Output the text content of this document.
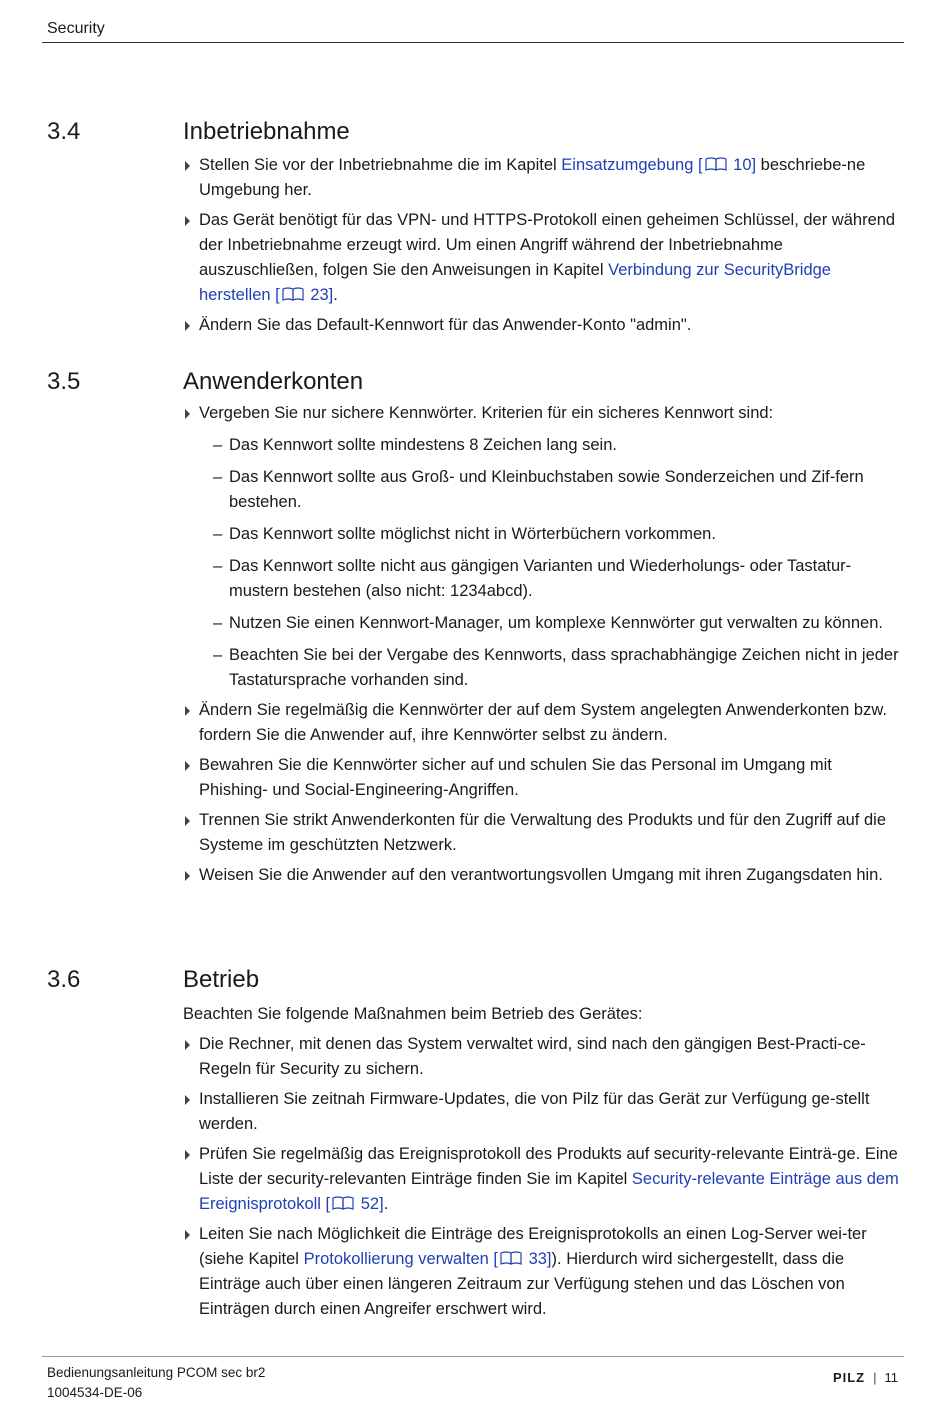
Security
3.4	Inbetriebnahme
Stellen Sie vor der Inbetriebnahme die im Kapitel Einsatzumgebung [
10] beschriebe-ne Umgebung her.
Das Gerät benötigt für das VPN- und HTTPS-Protokoll einen geheimen Schlüssel, der während der Inbetriebnahme erzeugt wird. Um einen Angriff während der Inbetriebnahme auszuschließen, folgen Sie den Anweisungen in Kapitel Verbindung zur SecurityBridge herstellen [
23].
Ändern Sie das Default-Kennwort für das Anwender-Konto "admin".
3.5	Anwenderkonten
Vergeben Sie nur sichere Kennwörter. Kriterien für ein sicheres Kennwort sind:
– Das Kennwort sollte mindestens 8 Zeichen lang sein.
– Das Kennwort sollte aus Groß- und Kleinbuchstaben sowie Sonderzeichen und Zif-fern bestehen.
– Das Kennwort sollte möglichst nicht in Wörterbüchern vorkommen.
– Das Kennwort sollte nicht aus gängigen Varianten und Wiederholungs- oder Tastatur-mustern bestehen (also nicht: 1234abcd).
– Nutzen Sie einen Kennwort-Manager, um komplexe Kennwörter gut verwalten zu können.
– Beachten Sie bei der Vergabe des Kennworts, dass sprachabhängige Zeichen nicht in jeder Tastatursprache vorhanden sind.
Ändern Sie regelmäßig die Kennwörter der auf dem System angelegten Anwenderkonten bzw. fordern Sie die Anwender auf, ihre Kennwörter selbst zu ändern.
Bewahren Sie die Kennwörter sicher auf und schulen Sie das Personal im Umgang mit Phishing- und Social-Engineering-Angriffen.
Trennen Sie strikt Anwenderkonten für die Verwaltung des Produkts und für den Zugriff auf die Systeme im geschützten Netzwerk.
Weisen Sie die Anwender auf den verantwortungsvollen Umgang mit ihren Zugangsdaten hin.
3.6	Betrieb
Beachten Sie folgende Maßnahmen beim Betrieb des Gerätes:
Die Rechner, mit denen das System verwaltet wird, sind nach den gängigen Best-Practi-ce-Regeln für Security zu sichern.
Installieren Sie zeitnah Firmware-Updates, die von Pilz für das Gerät zur Verfügung ge-stellt werden.
Prüfen Sie regelmäßig das Ereignisprotokoll des Produkts auf security-relevante Einträ-ge. Eine Liste der security-relevanten Einträge finden Sie im Kapitel Security-relevante Einträge aus dem Ereignisprotokoll [
52].
Leiten Sie nach Möglichkeit die Einträge des Ereignisprotokolls an einen Log-Server wei-ter (siehe Kapitel Protokollierung verwalten [
33]). Hierdurch wird sichergestellt, dass die Einträge auch über einen längeren Zeitraum zur Verfügung stehen und das Löschen von Einträgen durch einen Angreifer erschwert wird.
Bedienungsanleitung PCOM sec br2
1004534-DE-06
PILZ | 11
